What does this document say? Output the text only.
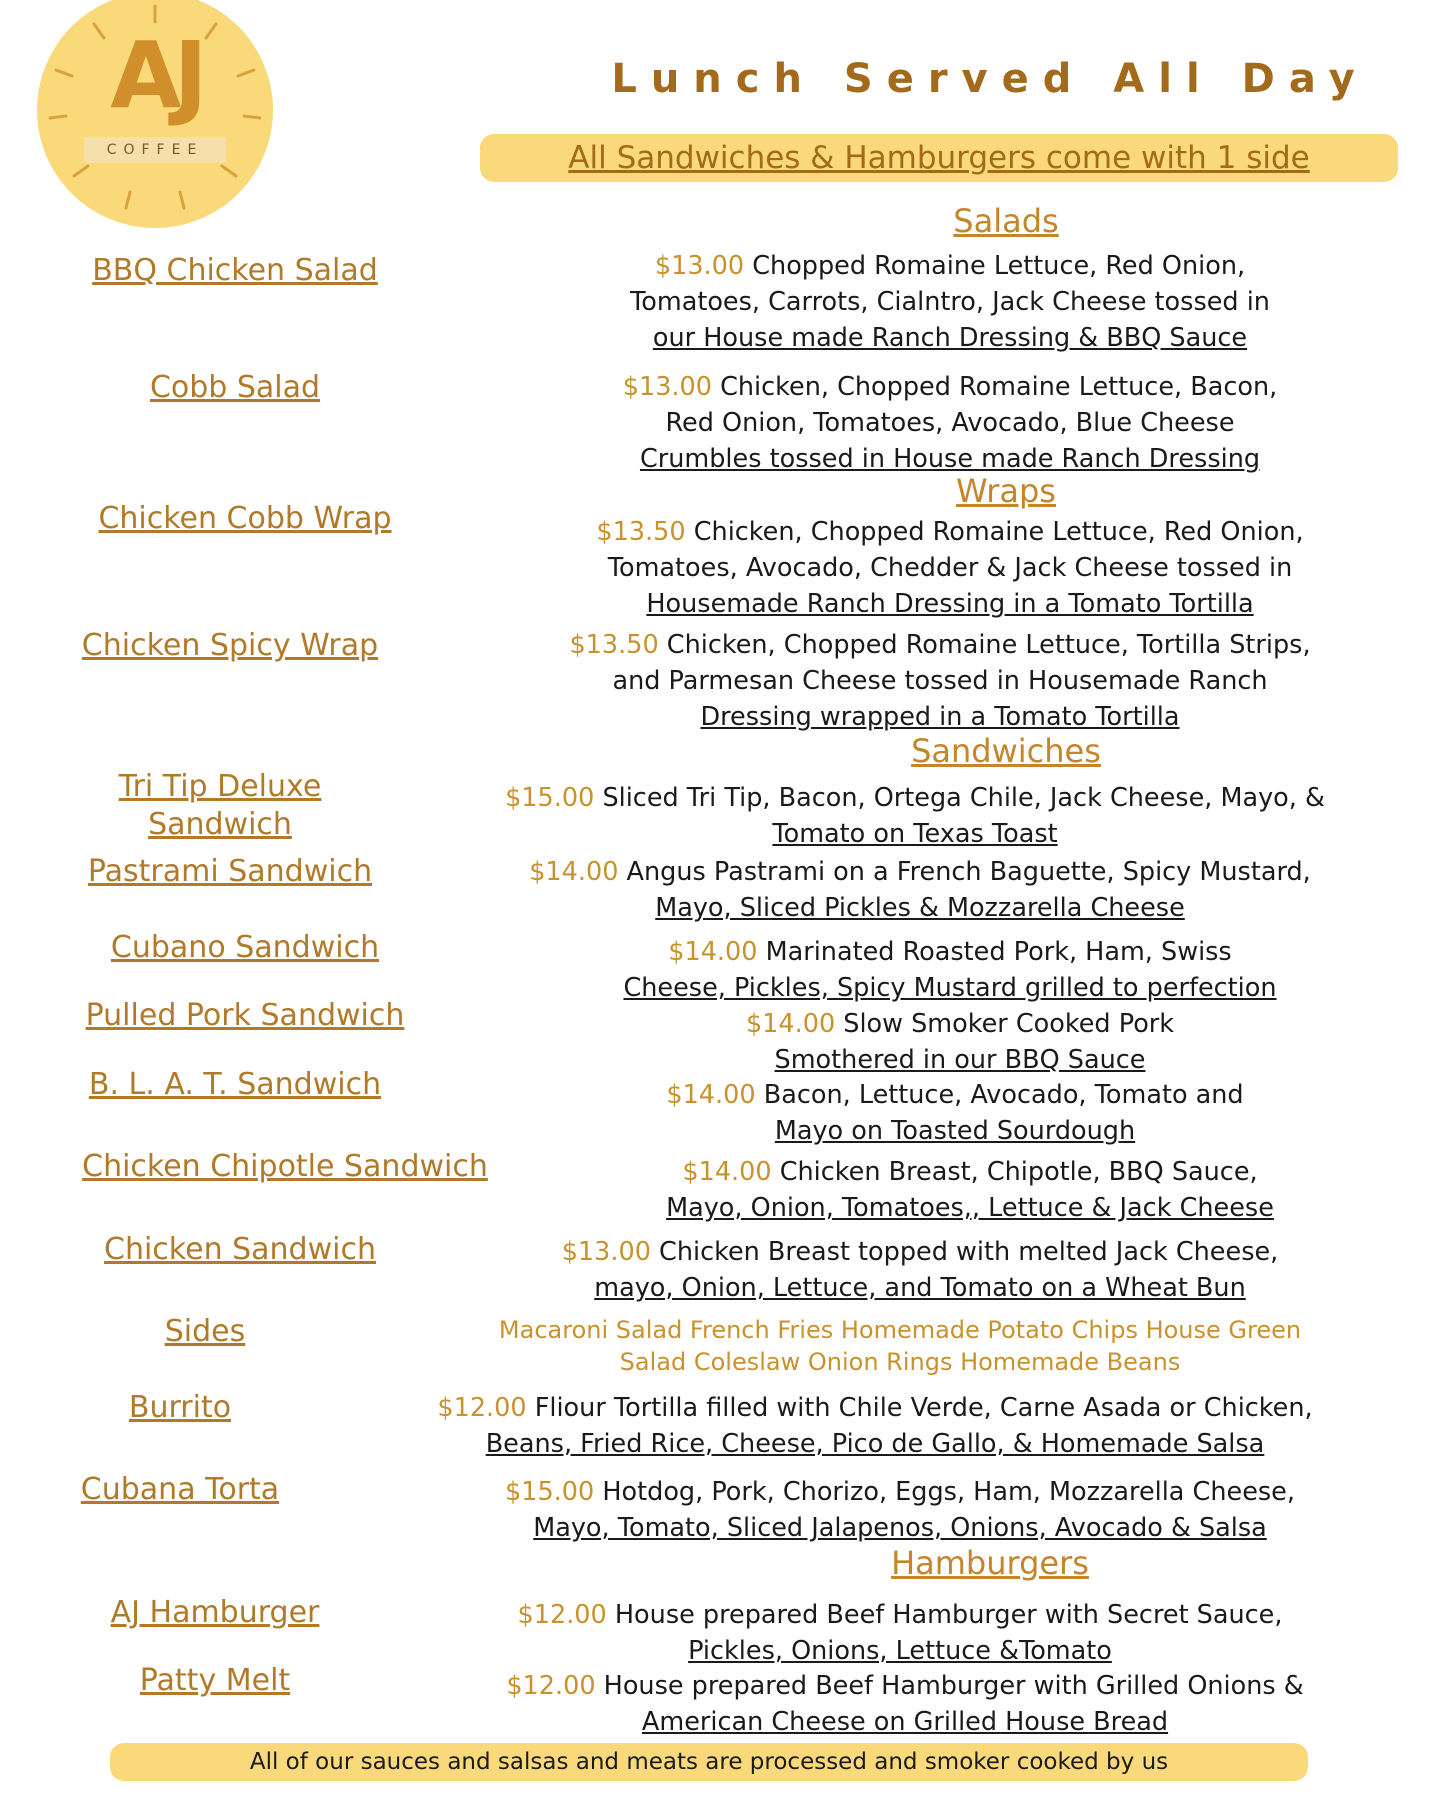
AJ
COFFEE
Lunch Served All Day
All Sandwiches & Hamburgers come with 1 side
Salads
BBQ Chicken Salad	$13.00 Chopped Romaine Lettuce, Red Onion,
Tomatoes, Carrots, Cialntro, Jack Cheese tossed in
our House made Ranch Dressing & BBQ Sauce
Cobb Salad	$13.00 Chicken, Chopped Romaine Lettuce, Bacon,
Red Onion, Tomatoes, Avocado, Blue Cheese
Crumbles tossed in House made Ranch Dressing
Wraps
Chicken Cobb Wrap	$13.50 Chicken, Chopped Romaine Lettuce, Red Onion,
Tomatoes, Avocado, Chedder & Jack Cheese tossed in
Housemade Ranch Dressing in a Tomato Tortilla
Chicken Spicy Wrap	$13.50 Chicken, Chopped Romaine Lettuce, Tortilla Strips,
and Parmesan Cheese tossed in Housemade Ranch
Dressing wrapped in a Tomato Tortilla
Sandwiches
Tri Tip Deluxe
Sandwich
$15.00 Sliced Tri Tip, Bacon, Ortega Chile, Jack Cheese, Mayo, &
Tomato on Texas Toast
Pastrami Sandwich	$14.00 Angus Pastrami on a French Baguette, Spicy Mustard,
Mayo, Sliced Pickles & Mozzarella Cheese
Cubano Sandwich	$14.00 Marinated Roasted Pork, Ham, Swiss
Cheese, Pickles, Spicy Mustard grilled to perfection
Pulled Pork Sandwich	$14.00 Slow Smoker Cooked Pork
Smothered in our BBQ Sauce
B. L. A. T. Sandwich	$14.00 Bacon, Lettuce, Avocado, Tomato and
Mayo on Toasted Sourdough
Chicken Chipotle Sandwich	$14.00 Chicken Breast, Chipotle, BBQ Sauce,
Mayo, Onion, Tomatoes,, Lettuce & Jack Cheese
Chicken Sandwich	$13.00 Chicken Breast topped with melted Jack Cheese,
mayo, Onion, Lettuce, and Tomato on a Wheat Bun
Sides	Macaroni Salad French Fries Homemade Potato Chips House Green
Salad Coleslaw Onion Rings Homemade Beans
Burrito	$12.00 Fliour Tortilla filled with Chile Verde, Carne Asada or Chicken,
Beans, Fried Rice, Cheese, Pico de Gallo, & Homemade Salsa
Cubana Torta	$15.00 Hotdog, Pork, Chorizo, Eggs, Ham, Mozzarella Cheese,
Mayo, Tomato, Sliced Jalapenos, Onions, Avocado & Salsa
Hamburgers
AJ Hamburger	$12.00 House prepared Beef Hamburger with Secret Sauce,
Pickles, Onions, Lettuce &Tomato
Patty Melt	$12.00 House prepared Beef Hamburger with Grilled Onions &
American Cheese on Grilled House Bread
All of our sauces and salsas and meats are processed and smoker cooked by us
